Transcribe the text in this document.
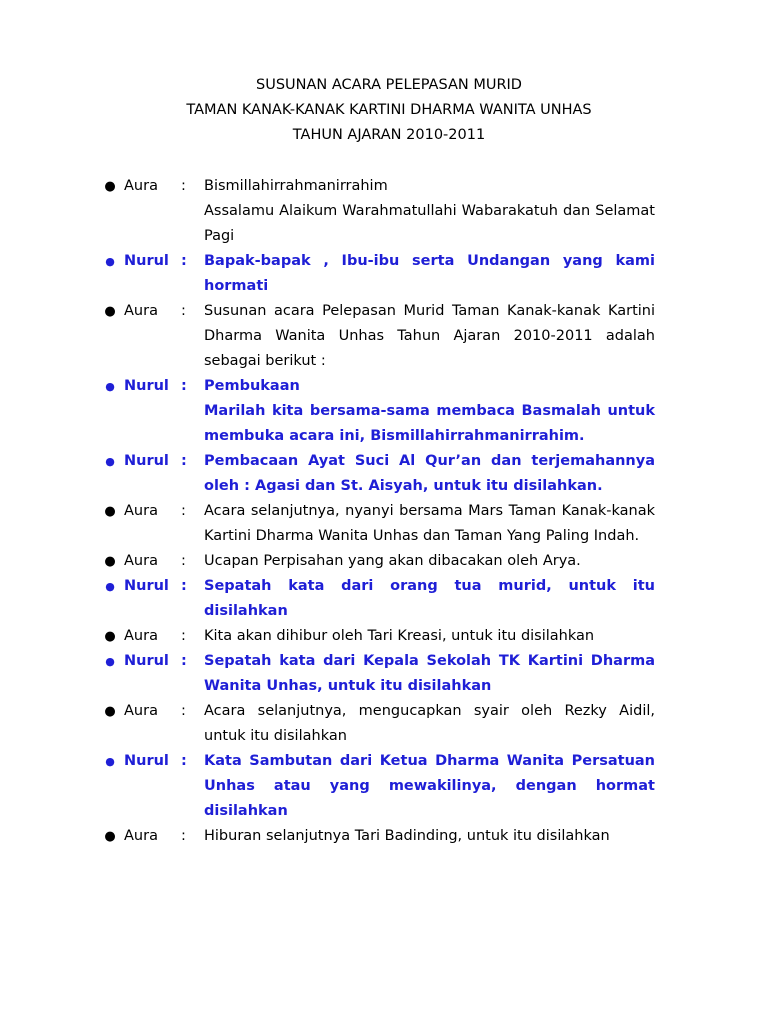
SUSUNAN ACARA PELEPASAN MURID
TAMAN KANAK-KANAK KARTINI DHARMA WANITA UNHAS
TAHUN AJARAN 2010-2011
● Aura : Bismillahirrahmanirrahim
Assalamu Alaikum Warahmatullahi Wabarakatuh dan Selamat Pagi
● Nurul : Bapak-bapak , Ibu-ibu serta Undangan yang kami hormati
● Aura : Susunan acara Pelepasan Murid Taman Kanak-kanak Kartini Dharma Wanita Unhas Tahun Ajaran 2010-2011 adalah sebagai berikut :
● Nurul : Pembukaan
Marilah kita bersama-sama membaca Basmalah untuk membuka acara ini, Bismillahirrahmanirrahim.
● Nurul : Pembacaan Ayat Suci Al Qur’an dan terjemahannya oleh : Agasi dan St. Aisyah, untuk itu disilahkan.
● Aura : Acara selanjutnya, nyanyi bersama Mars Taman Kanak-kanak Kartini Dharma Wanita Unhas dan Taman Yang Paling Indah.
● Aura : Ucapan Perpisahan yang akan dibacakan oleh Arya.
● Nurul : Sepatah kata dari orang tua murid, untuk itu disilahkan
● Aura : Kita akan dihibur oleh Tari Kreasi, untuk itu disilahkan
● Nurul : Sepatah kata dari Kepala Sekolah TK Kartini Dharma Wanita Unhas, untuk itu disilahkan
● Aura : Acara selanjutnya, mengucapkan syair oleh Rezky Aidil, untuk itu disilahkan
● Nurul : Kata Sambutan dari Ketua Dharma Wanita Persatuan Unhas atau yang mewakilinya, dengan hormat disilahkan
● Aura : Hiburan selanjutnya Tari Badinding, untuk itu disilahkan
